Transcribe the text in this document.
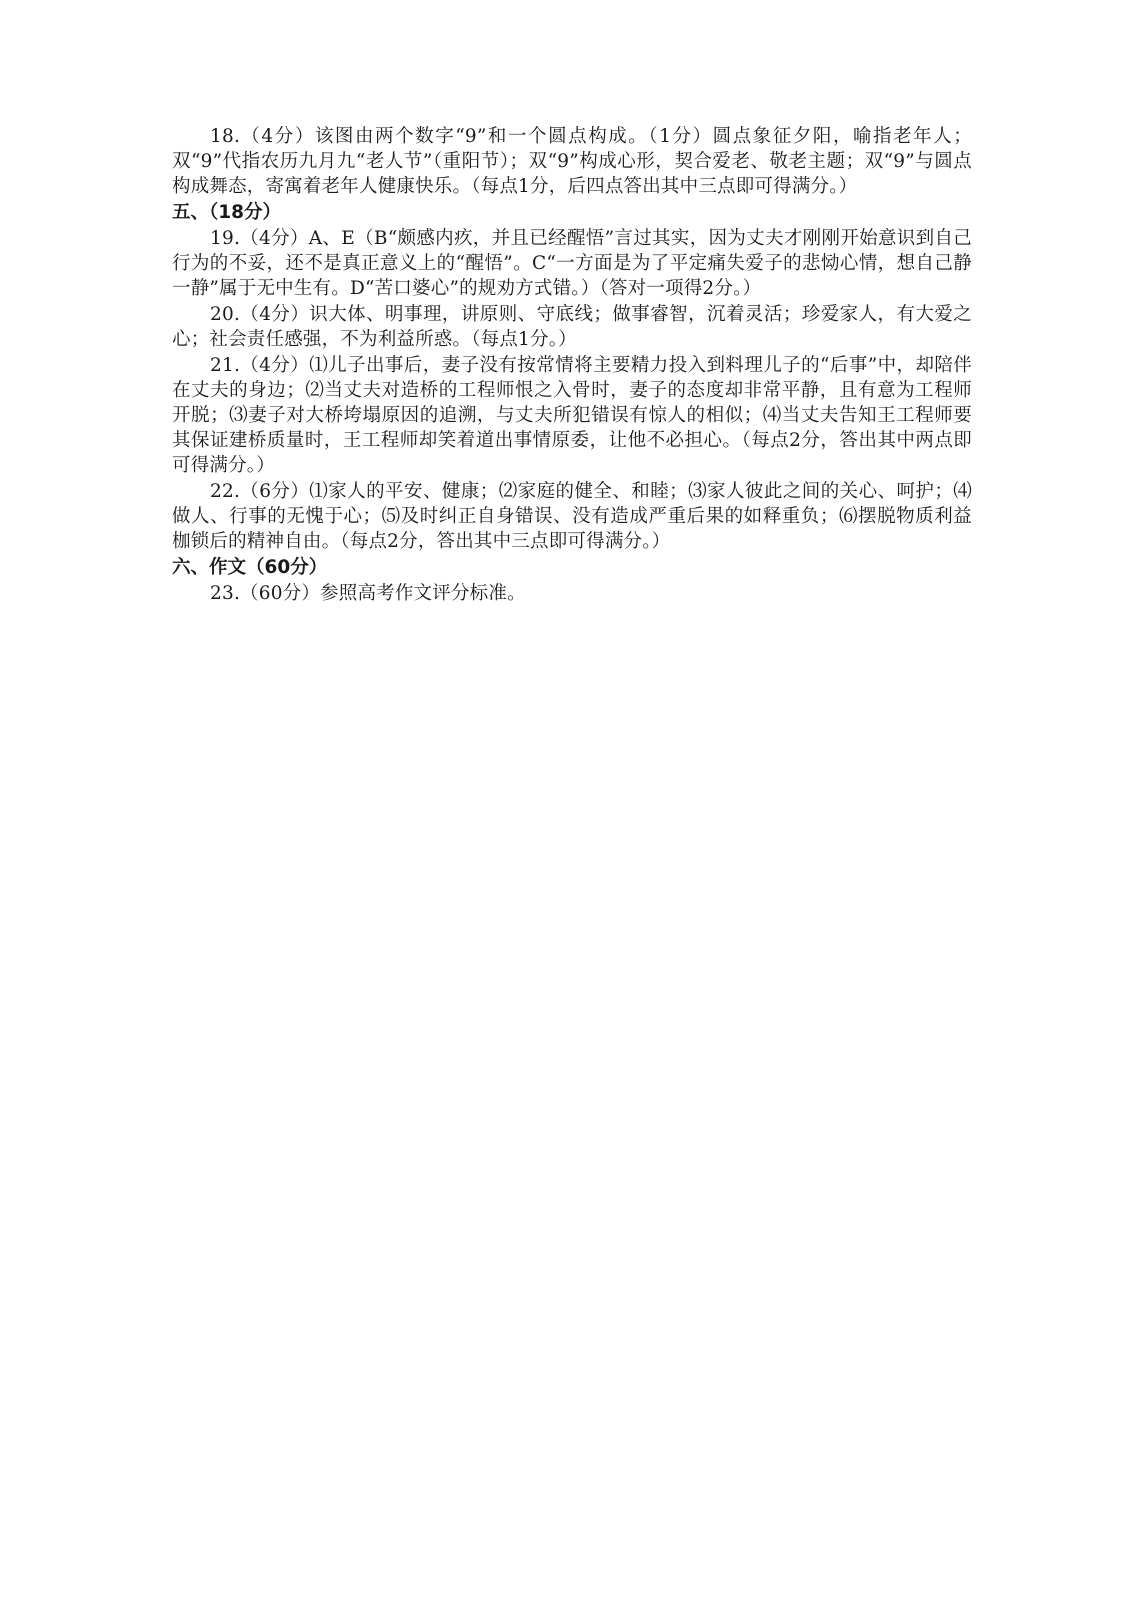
18.（4分）该图由两个数字“9”和一个圆点构成。（1分）圆点象征夕阳，喻指老年人；双“9”代指农历九月九“老人节”（重阳节）；双“9”构成心形，契合爱老、敬老主题；双“9”与圆点构成舞态，寄寓着老年人健康快乐。（每点1分，后四点答出其中三点即可得满分。）

五、（18分）

19.（4分）A、E（B“颇感内疚，并且已经醒悟”言过其实，因为丈夫才刚刚开始意识到自己行为的不妥，还不是真正意义上的“醒悟”。C“一方面是为了平定痛失爱子的悲恸心情，想自己静一静”属于无中生有。D“苦口婆心”的规劝方式错。）（答对一项得2分。）

20.（4分）识大体、明事理，讲原则、守底线；做事睿智，沉着灵活；珍爱家人，有大爱之心；社会责任感强，不为利益所惑。（每点1分。）

21.（4分）⑴儿子出事后，妻子没有按常情将主要精力投入到料理儿子的“后事”中，却陪伴在丈夫的身边；⑵当丈夫对造桥的工程师恨之入骨时，妻子的态度却非常平静，且有意为工程师开脱；⑶妻子对大桥垮塌原因的追溯，与丈夫所犯错误有惊人的相似；⑷当丈夫告知王工程师要其保证建桥质量时，王工程师却笑着道出事情原委，让他不必担心。（每点2分，答出其中两点即可得满分。）

22.（6分）⑴家人的平安、健康；⑵家庭的健全、和睦；⑶家人彼此之间的关心、呵护；⑷做人、行事的无愧于心；⑸及时纠正自身错误、没有造成严重后果的如释重负；⑹摆脱物质利益枷锁后的精神自由。（每点2分，答出其中三点即可得满分。）

六、作文（60分）

23.（60分）参照高考作文评分标准。
